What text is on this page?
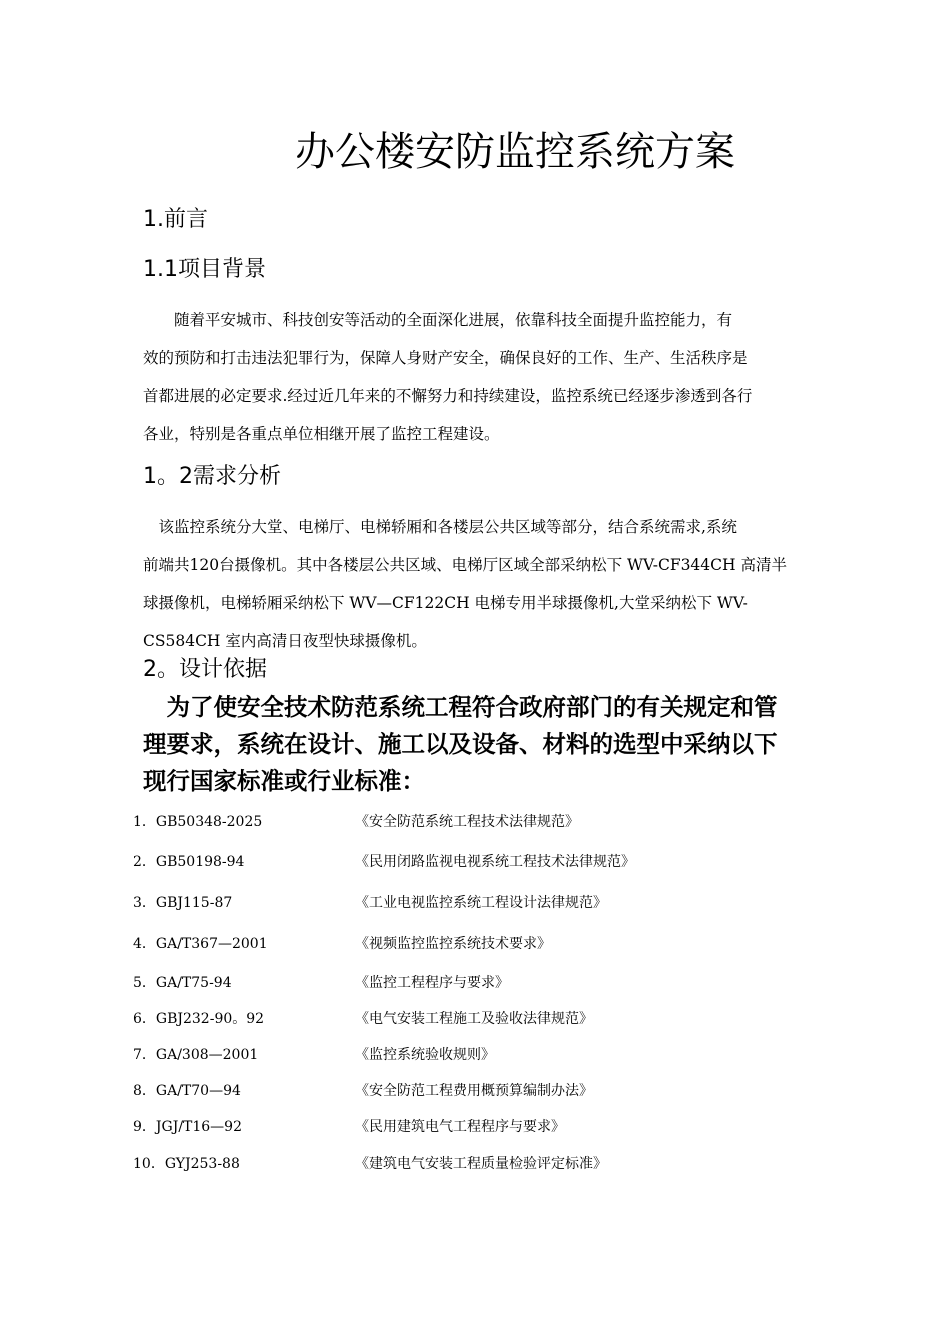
办公楼安防监控系统方案
1.前言
1.1项目背景

　　随着平安城市、科技创安等活动的全面深化进展，依靠科技全面提升监控能力，有
效的预防和打击违法犯罪行为，保障人身财产安全，确保良好的工作、生产、生活秩序是
首都进展的必定要求.经过近几年来的不懈努力和持续建设，监控系统已经逐步渗透到各行
各业，特别是各重点单位相继开展了监控工程建设。

1。2需求分析

　该监控系统分大堂、电梯厅、电梯轿厢和各楼层公共区域等部分，结合系统需求,系统
前端共120台摄像机。其中各楼层公共区域、电梯厅区域全部采纳松下 WV-CF344CH 高清半
球摄像机，电梯轿厢采纳松下 WV—CF122CH 电梯专用半球摄像机,大堂采纳松下 WV-
CS584CH 室内高清日夜型快球摄像机。

2。设计依据

　为了使安全技术防范系统工程符合政府部门的有关规定和管
理要求，系统在设计、施工以及设备、材料的选型中采纳以下
现行国家标准或行业标准：

1．GB50348-2025	《安全防范系统工程技术法律规范》
2．GB50198-94	《民用闭路监视电视系统工程技术法律规范》
3．GBJ115-87	《工业电视监控系统工程设计法律规范》
4．GA/T367—2001	《视频监控监控系统技术要求》
5．GA/T75-94	《监控工程程序与要求》
6．GBJ232-90。92	《电气安装工程施工及验收法律规范》
7．GA/308—2001	《监控系统验收规则》
8．GA/T70—94	《安全防范工程费用概预算编制办法》
9．JGJ/T16—92	《民用建筑电气工程程序与要求》
10．GYJ253-88	《建筑电气安装工程质量检验评定标准》
